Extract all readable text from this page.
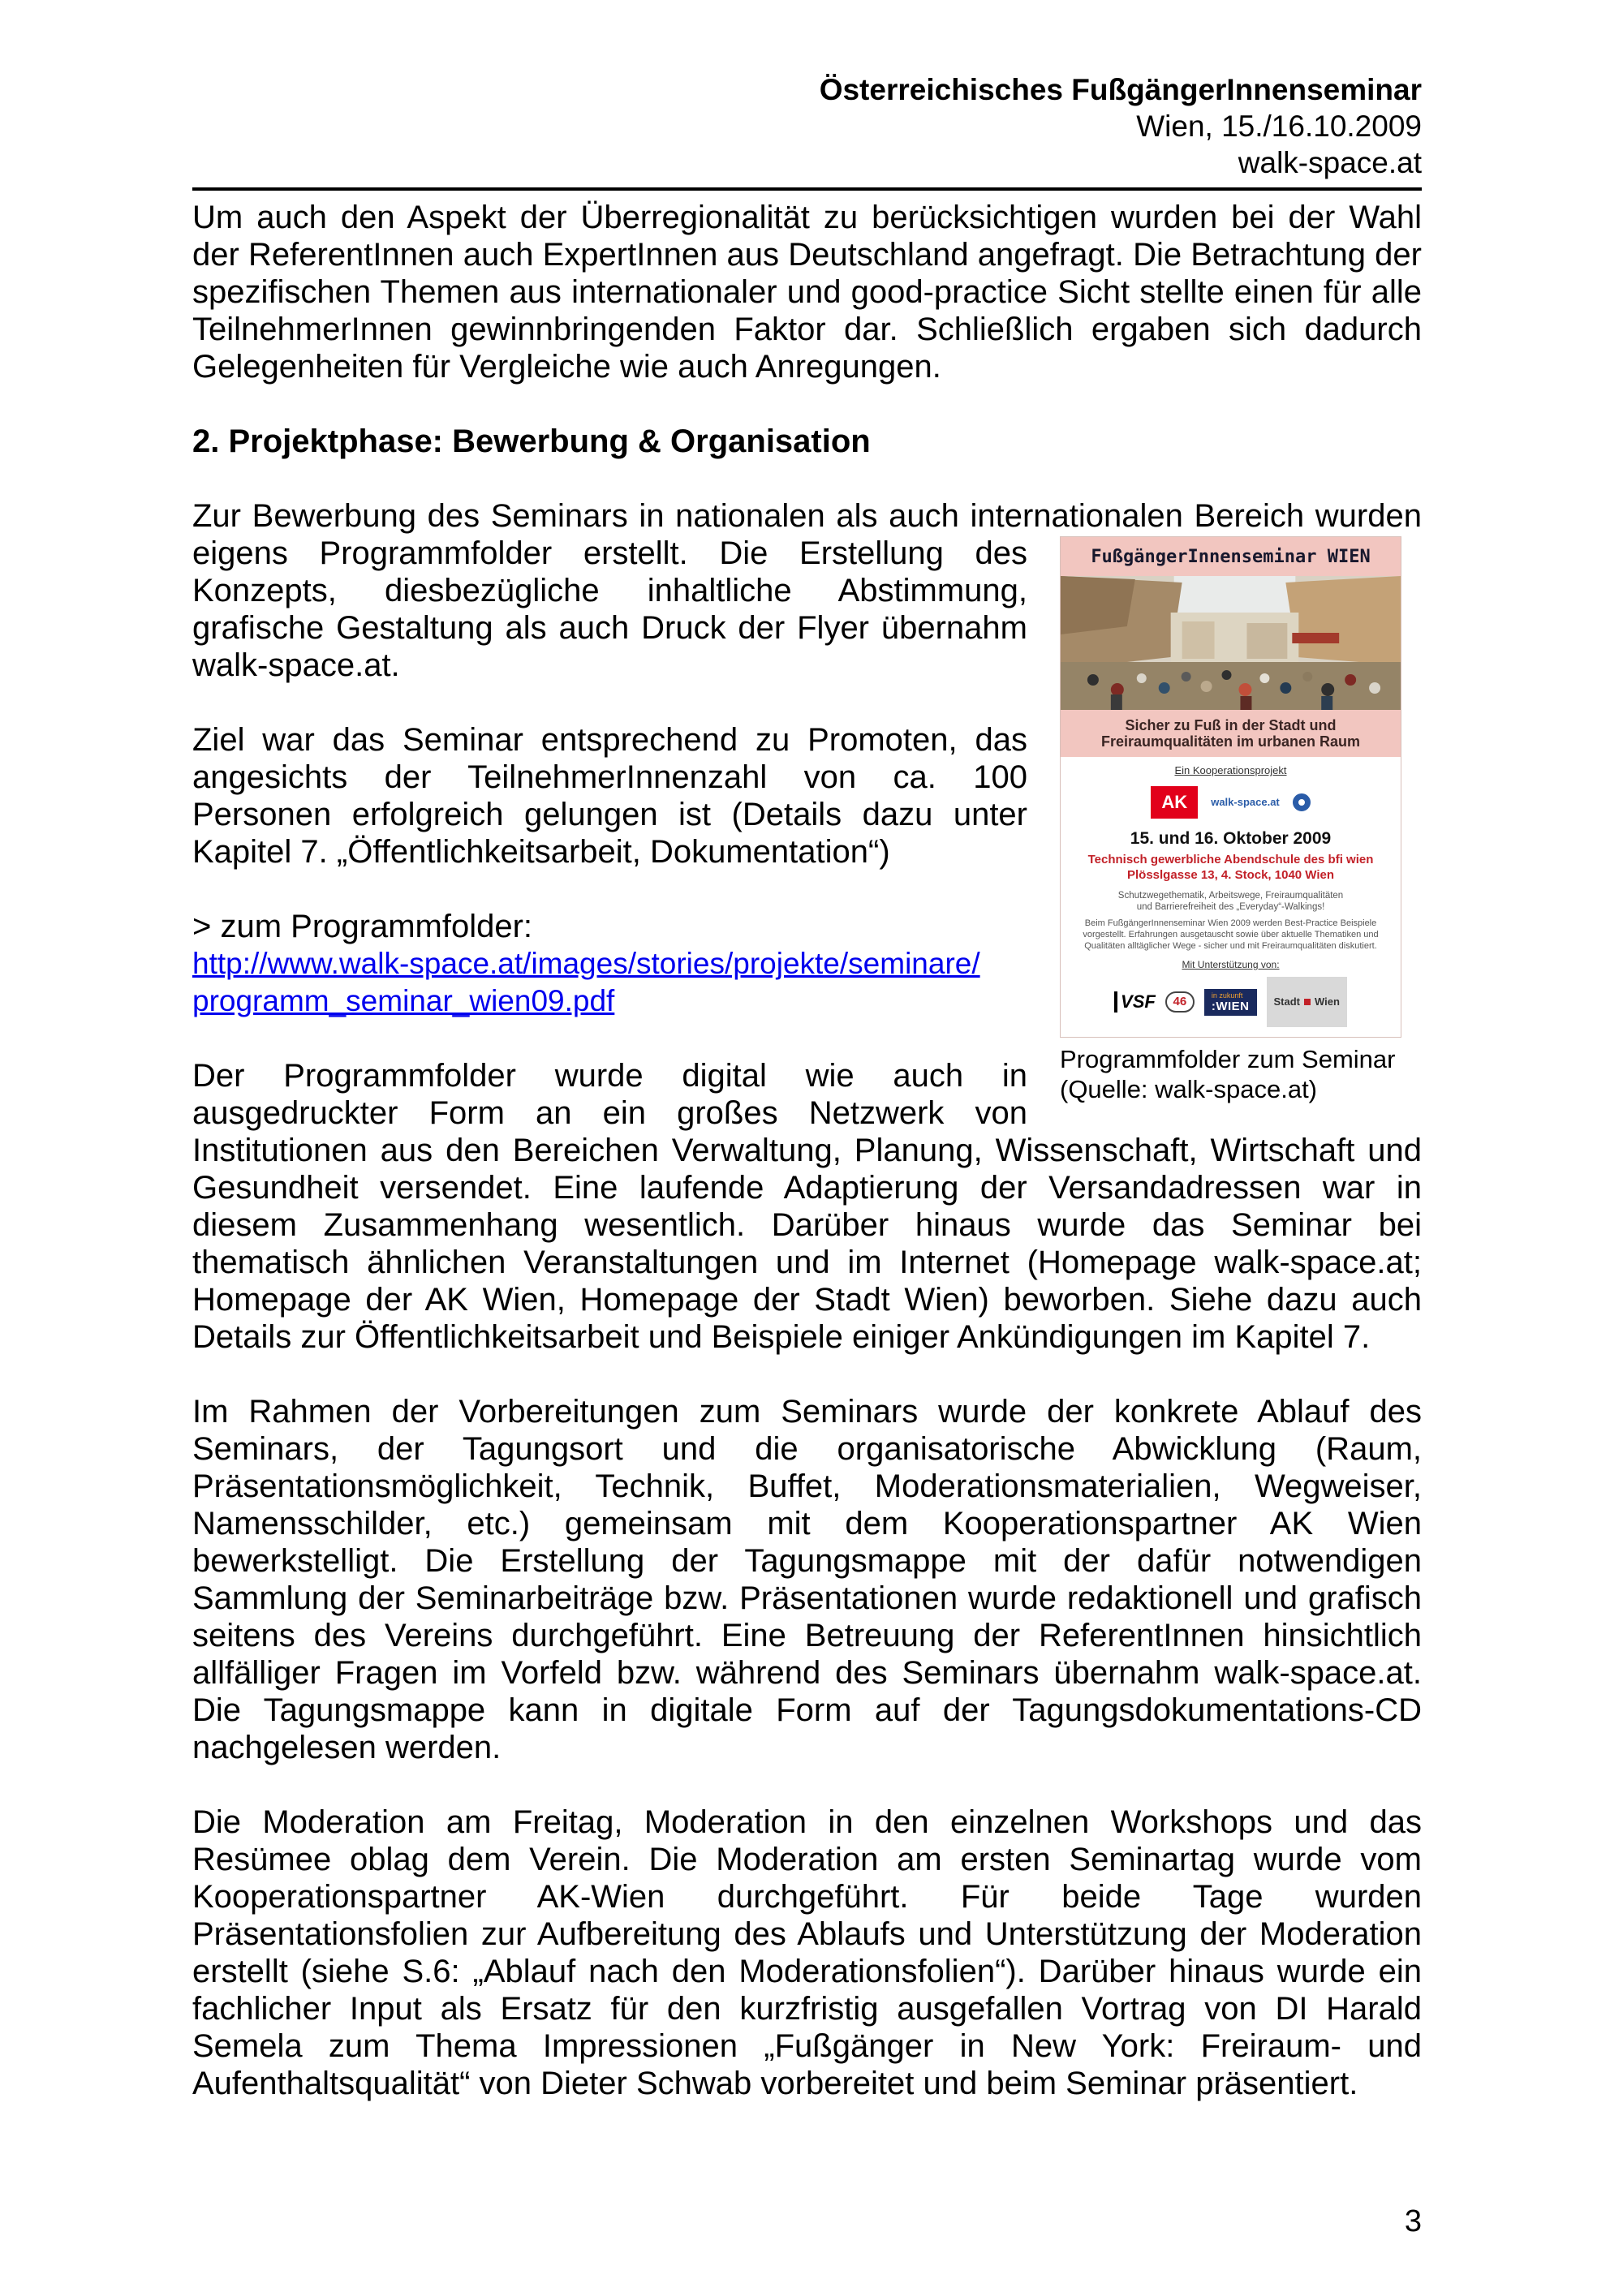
Österreichisches FußgängerInnenseminar
Wien, 15./16.10.2009
walk-space.at
Um auch den Aspekt der Überregionalität zu berücksichtigen wurden bei der Wahl der ReferentInnen auch ExpertInnen aus Deutschland angefragt. Die Betrachtung der spezifischen Themen aus internationaler und good-practice Sicht stellte einen für alle TeilnehmerInnen gewinnbringenden Faktor dar. Schließlich ergaben sich dadurch Gelegenheiten für Vergleiche wie auch Anregungen.
2. Projektphase: Bewerbung & Organisation
FußgängerInnenseminar WIEN
Sicher zu Fuß in der Stadt und
Freiraumqualitäten im urbanen Raum
Ein Kooperationsprojekt
AK	walk-space.at
15. und 16. Oktober 2009
Technisch gewerbliche Abendschule des bfi wien
Plösslgasse 13, 4. Stock, 1040 Wien
Schutzwegethematik, Arbeitswege, Freiraumqualitäten
und Barrierefreiheit des „Everyday“-Walkings!
Beim FußgängerInnenseminar Wien 2009 werden Best-Practice Beispiele vorgestellt. Erfahrungen ausgetauscht sowie über aktuelle Thematiken und Qualitäten alltäglicher Wege - sicher und mit Freiraumqualitäten diskutiert.
Mit Unterstützung von:
VSF	46	in zukunft
:WIEN Stadt Wien
Programmfolder zum Seminar
(Quelle: walk-space.at)
Zur Bewerbung des Seminars in nationalen als auch internationalen Bereich wurden eigens Programmfolder erstellt. Die Erstellung des Konzepts, diesbezügliche inhaltliche Abstimmung, grafische Gestaltung als auch Druck der Flyer übernahm walk-space.at.
Ziel war das Seminar entsprechend zu Promoten, das angesichts der TeilnehmerInnenzahl von ca. 100 Personen erfolgreich gelungen ist (Details dazu unter Kapitel 7. „Öffentlichkeitsarbeit, Dokumentation“)
> zum Programmfolder:
http://www.walk-space.at/images/stories/projekte/seminare/
programm_seminar_wien09.pdf
Der Programmfolder wurde digital wie auch in
ausgedruckter Form an ein großes Netzwerk von Institutionen aus den Bereichen Verwaltung, Planung, Wissenschaft, Wirtschaft und Gesundheit versendet. Eine laufende Adaptierung der Versandadressen war in diesem Zusammenhang wesentlich. Darüber hinaus wurde das Seminar bei thematisch ähnlichen Veranstaltungen und im Internet (Homepage walk-space.at; Homepage der AK Wien, Homepage der Stadt Wien) beworben. Siehe dazu auch Details zur Öffentlichkeitsarbeit und Beispiele einiger Ankündigungen im Kapitel 7.
Im Rahmen der Vorbereitungen zum Seminars wurde der konkrete Ablauf des Seminars, der Tagungsort und die organisatorische Abwicklung (Raum, Präsentationsmöglichkeit, Technik, Buffet, Moderationsmaterialien, Wegweiser, Namensschilder, etc.) gemeinsam mit dem Kooperationspartner AK Wien bewerkstelligt. Die Erstellung der Tagungsmappe mit der dafür notwendigen Sammlung der Seminarbeiträge bzw. Präsentationen wurde redaktionell und grafisch seitens des Vereins durchgeführt. Eine Betreuung der ReferentInnen hinsichtlich allfälliger Fragen im Vorfeld bzw. während des Seminars übernahm walk-space.at. Die Tagungsmappe kann in digitale Form auf der Tagungsdokumentations-CD nachgelesen werden.
Die Moderation am Freitag, Moderation in den einzelnen Workshops und das Resümee oblag dem Verein. Die Moderation am ersten Seminartag wurde vom Kooperationspartner AK-Wien durchgeführt. Für beide Tage wurden Präsentationsfolien zur Aufbereitung des Ablaufs und Unterstützung der Moderation erstellt (siehe S.6: „Ablauf nach den Moderationsfolien“). Darüber hinaus wurde ein fachlicher Input als Ersatz für den kurzfristig ausgefallen Vortrag von DI Harald Semela zum Thema Impressionen „Fußgänger in New York: Freiraum- und Aufenthaltsqualität“ von Dieter Schwab vorbereitet und beim Seminar präsentiert.
3
